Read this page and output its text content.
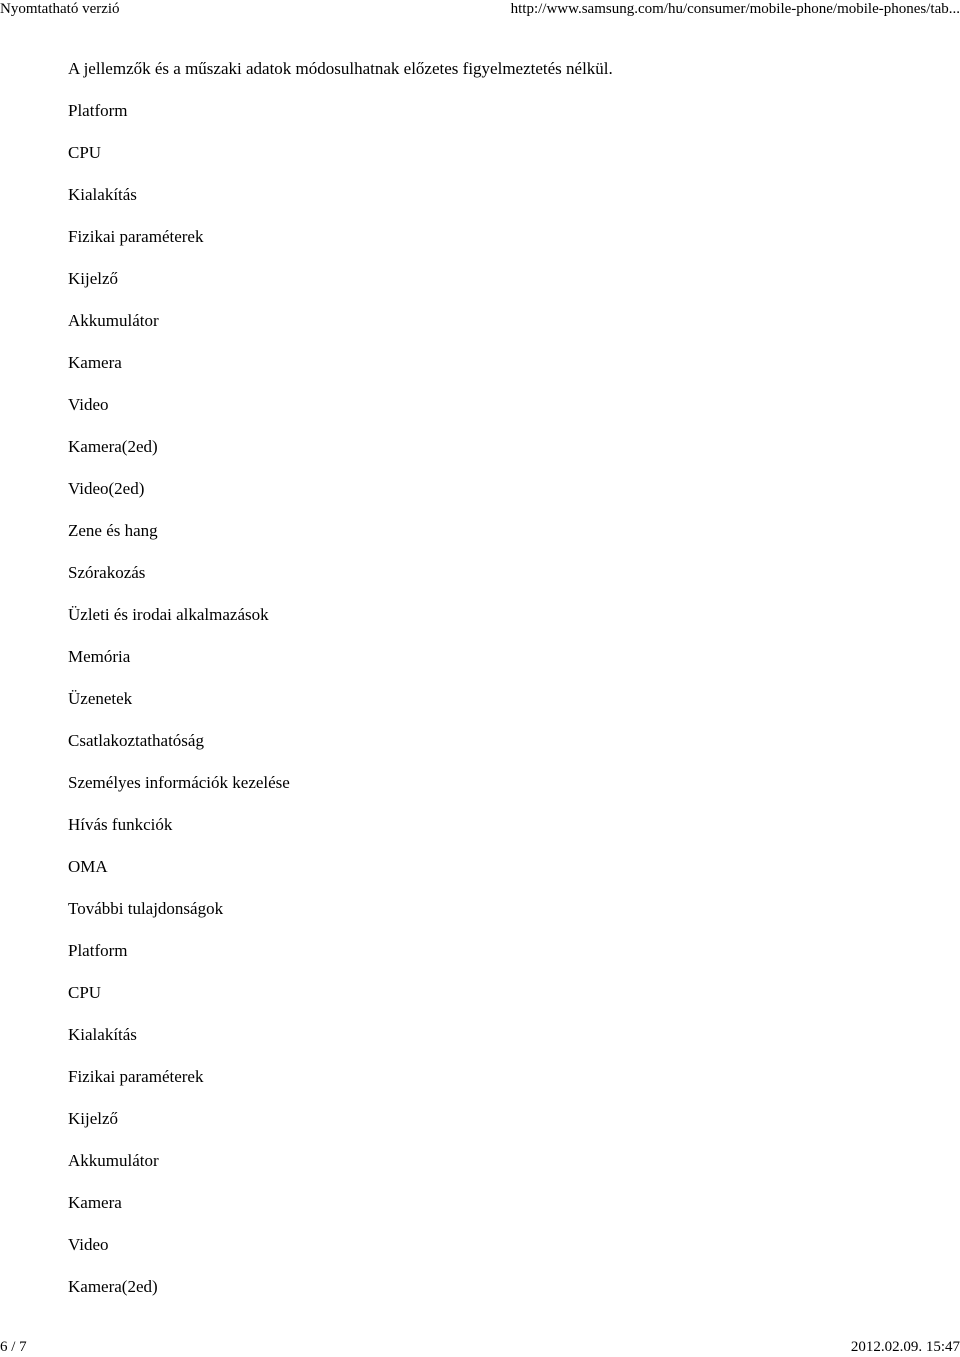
Nyomtatható verzió	http://www.samsung.com/hu/consumer/mobile-phone/mobile-phones/tab...
A jellemzők és a műszaki adatok módosulhatnak előzetes figyelmeztetés nélkül.
Platform
CPU
Kialakítás
Fizikai paraméterek
Kijelző
Akkumulátor
Kamera
Video
Kamera(2ed)
Video(2ed)
Zene és hang
Szórakozás
Üzleti és irodai alkalmazások
Memória
Üzenetek
Csatlakoztathatóság
Személyes információk kezelése
Hívás funkciók
OMA
További tulajdonságok
Platform
CPU
Kialakítás
Fizikai paraméterek
Kijelző
Akkumulátor
Kamera
Video
Kamera(2ed)
6 / 7	2012.02.09. 15:47
